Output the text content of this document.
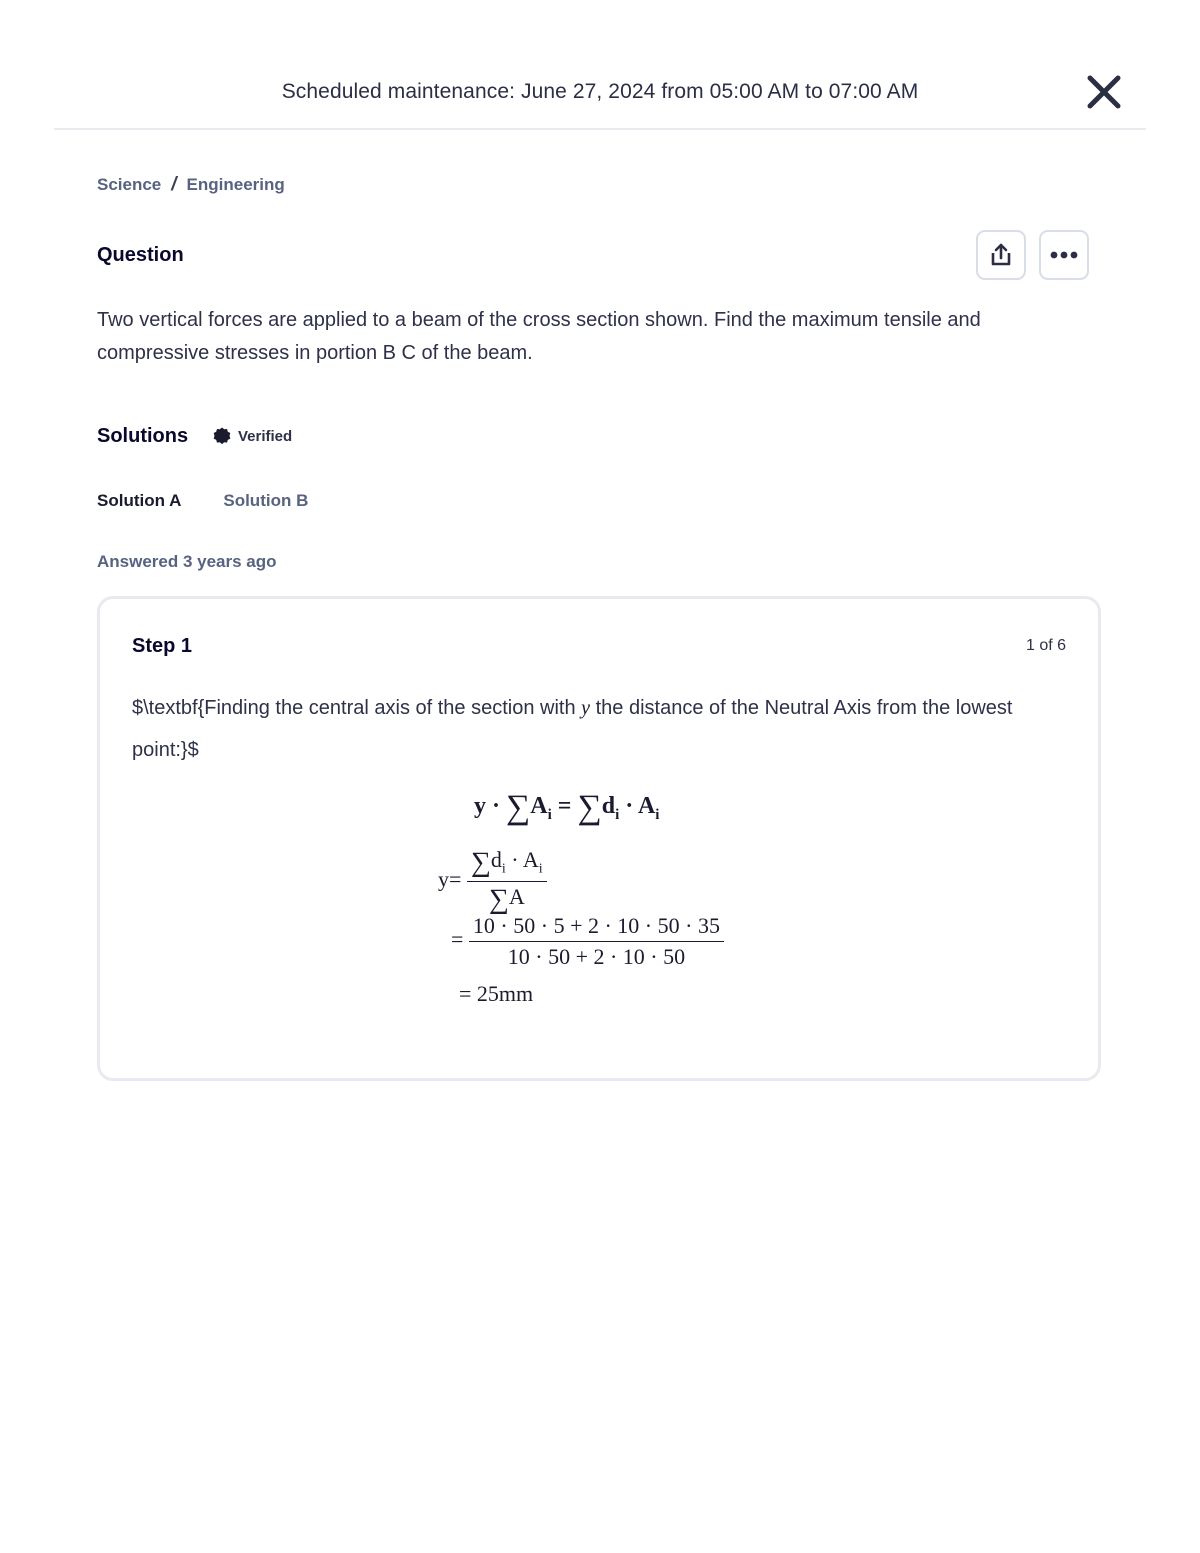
Scheduled maintenance: June 27, 2024 from 05:00 AM to 07:00 AM
Science / Engineering
Question
Two vertical forces are applied to a beam of the cross section shown. Find the maximum tensile and compressive stresses in portion B C of the beam.
Solutions	Verified
Solution A Solution B
Answered 3 years ago
Step 1	1 of 6
$\textbf{Finding the central axis of the section with y the distance of the Neutral Axis from the lowest point:}$
$y \cdot \sum A_i = \sum d_i \cdot A_i$
$y= \frac{\sum d_i \cdot A_i}{\sum A}$
= $\frac{10 \cdot 50 \cdot 5 + 2 \cdot 10 \cdot 50 \cdot 35}{10 \cdot 50 + 2 \cdot 10 \cdot 50}$
= 25mm
